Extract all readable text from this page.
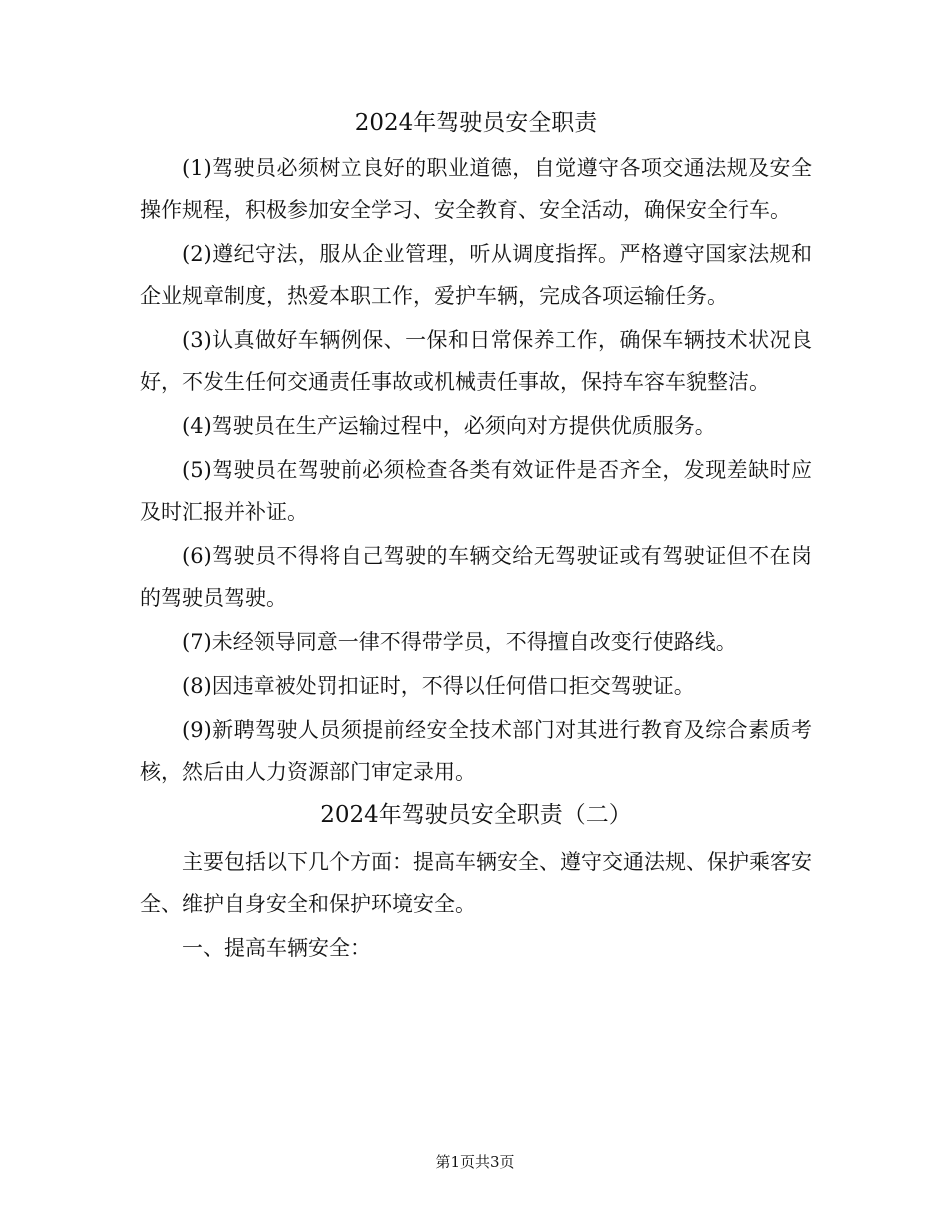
2024年驾驶员安全职责

(1)驾驶员必须树立良好的职业道德，自觉遵守各项交通法规及安全操作规程，积极参加安全学习、安全教育、安全活动，确保安全行车。

(2)遵纪守法，服从企业管理，听从调度指挥。严格遵守国家法规和企业规章制度，热爱本职工作，爱护车辆，完成各项运输任务。

(3)认真做好车辆例保、一保和日常保养工作，确保车辆技术状况良好，不发生任何交通责任事故或机械责任事故，保持车容车貌整洁。

(4)驾驶员在生产运输过程中，必须向对方提供优质服务。

(5)驾驶员在驾驶前必须检查各类有效证件是否齐全，发现差缺时应及时汇报并补证。

(6)驾驶员不得将自己驾驶的车辆交给无驾驶证或有驾驶证但不在岗的驾驶员驾驶。

(7)未经领导同意一律不得带学员，不得擅自改变行使路线。

(8)因违章被处罚扣证时，不得以任何借口拒交驾驶证。

(9)新聘驾驶人员须提前经安全技术部门对其进行教育及综合素质考核，然后由人力资源部门审定录用。

2024年驾驶员安全职责（二）

主要包括以下几个方面：提高车辆安全、遵守交通法规、保护乘客安全、维护自身安全和保护环境安全。

一、提高车辆安全：

第1页共3页
